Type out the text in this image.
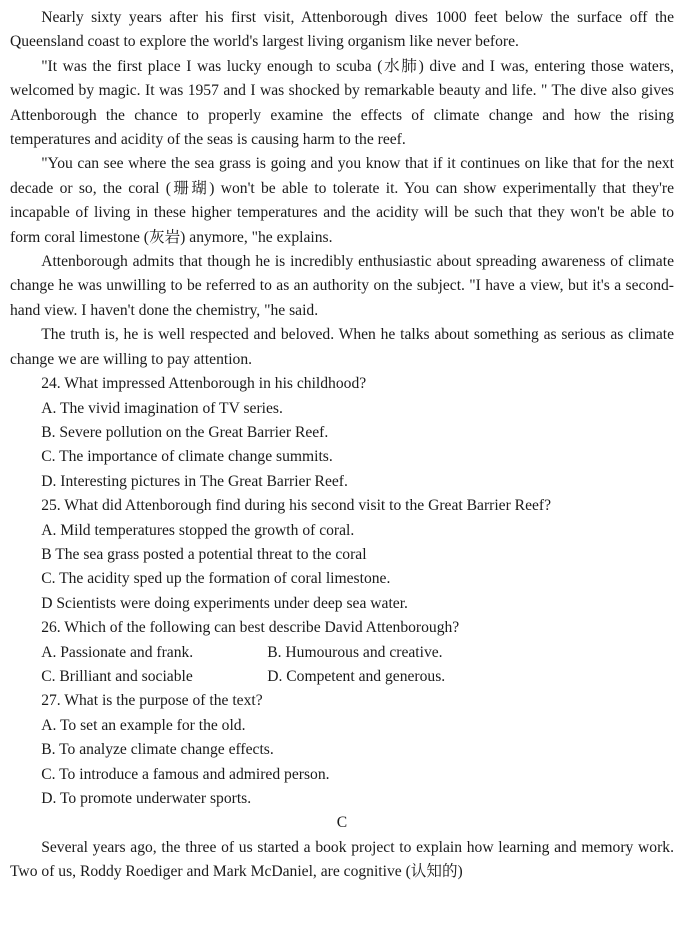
Nearly sixty years after his first visit, Attenborough dives 1000 feet below the surface off the Queensland coast to explore the world's largest living organism like never before.

"It was the first place I was lucky enough to scuba (水肺) dive and I was, entering those waters, welcomed by magic. It was 1957 and I was shocked by remarkable beauty and life. " The dive also gives Attenborough the chance to properly examine the effects of climate change and how the rising temperatures and acidity of the seas is causing harm to the reef.

"You can see where the sea grass is going and you know that if it continues on like that for the next decade or so, the coral (珊瑚) won't be able to tolerate it. You can show experimentally that they're incapable of living in these higher temperatures and the acidity will be such that they won't be able to form coral limestone (灰岩) anymore, "he explains.

Attenborough admits that though he is incredibly enthusiastic about spreading awareness of climate change he was unwilling to be referred to as an authority on the subject. "I have a view, but it's a second-hand view. I haven't done the chemistry, "he said.

The truth is, he is well respected and beloved. When he talks about something as serious as climate change we are willing to pay attention.

24. What impressed Attenborough in his childhood?

A. The vivid imagination of TV series.

B. Severe pollution on the Great Barrier Reef.

C. The importance of climate change summits.

D. Interesting pictures in The Great Barrier Reef.

25. What did Attenborough find during his second visit to the Great Barrier Reef?

A. Mild temperatures stopped the growth of coral.

B The sea grass posted a potential threat to the coral

C. The acidity sped up the formation of coral limestone.

D Scientists were doing experiments under deep sea water.

26. Which of the following can best describe David Attenborough?

A. Passionate and frank.	B. Humourous and creative.
C. Brilliant and sociable	D. Competent and generous.

27. What is the purpose of the text?

A. To set an example for the old.

B. To analyze climate change effects.

C. To introduce a famous and admired person.

D. To promote underwater sports.

C

Several years ago, the three of us started a book project to explain how learning and memory work. Two of us, Roddy Roediger and Mark McDaniel, are cognitive (认知的)
